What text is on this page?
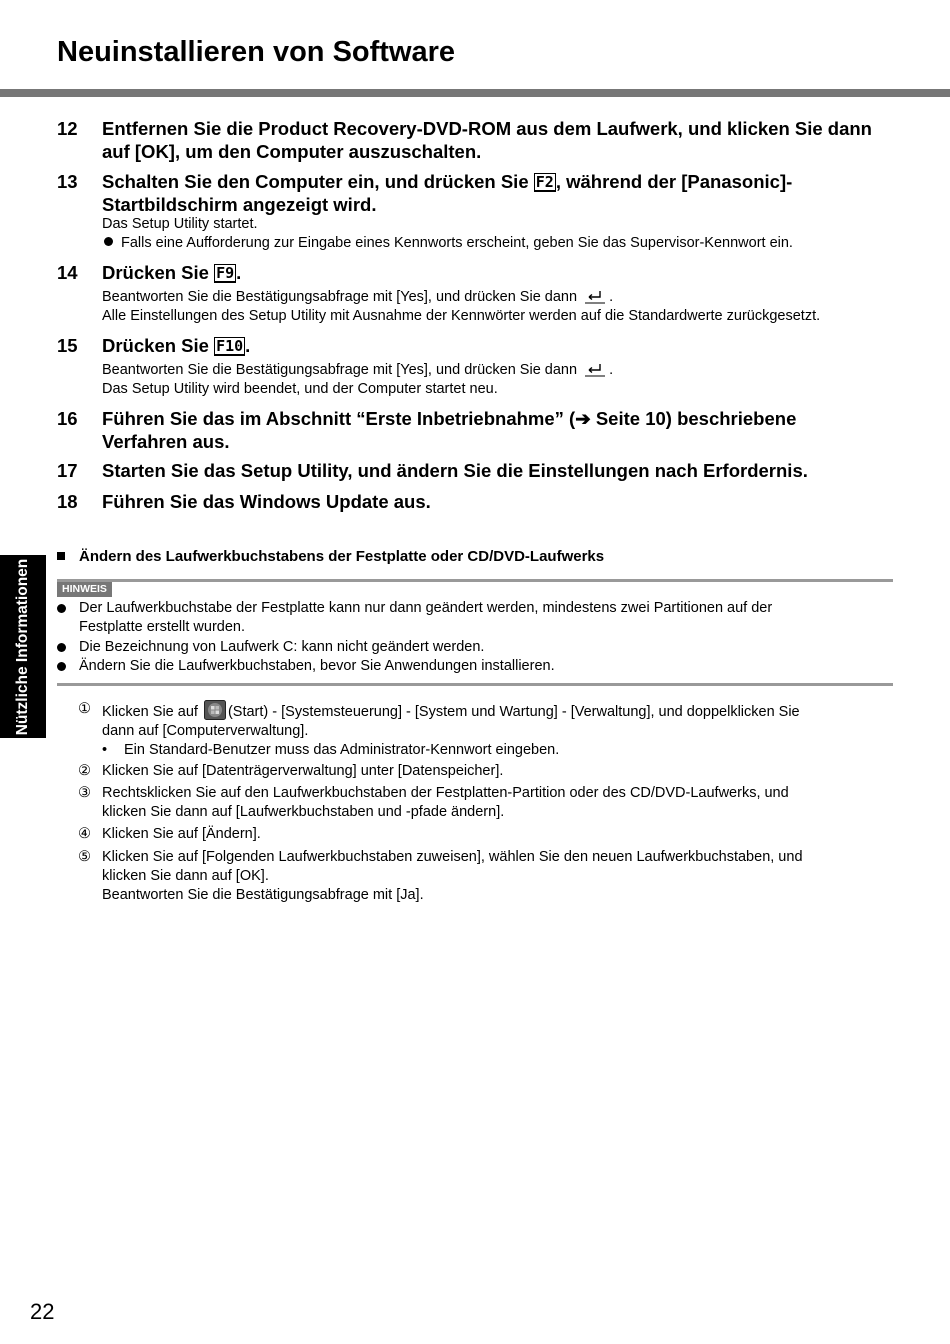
Neuinstallieren von Software
12 Entfernen Sie die Product Recovery-DVD-ROM aus dem Laufwerk, und klicken Sie dann
auf [OK], um den Computer auszuschalten.
13 Schalten Sie den Computer ein, und drücken Sie F2 , während der [Panasonic]-
Startbildschirm angezeigt wird.
Das Setup Utility startet.
Falls eine Aufforderung zur Eingabe eines Kennworts erscheint, geben Sie das Supervisor-Kennwort ein.
14 Drücken Sie F9 .
Beantworten Sie die Bestätigungsabfrage mit [Yes], und drücken Sie dann .
Alle Einstellungen des Setup Utility mit Ausnahme der Kennwörter werden auf die Standardwerte zurückgesetzt.
15 Drücken Sie F10 .
Beantworten Sie die Bestätigungsabfrage mit [Yes], und drücken Sie dann .
Das Setup Utility wird beendet, und der Computer startet neu.
16 Führen Sie das im Abschnitt “Erste Inbetriebnahme” (➔ Seite 10) beschriebene
Verfahren aus.
17 Starten Sie das Setup Utility, und ändern Sie die Einstellungen nach Erfordernis.
18 Führen Sie das Windows Update aus.
Ändern des Laufwerkbuchstabens der Festplatte oder CD/DVD-Laufwerks
HINWEIS
Der Laufwerkbuchstabe der Festplatte kann nur dann geändert werden, mindestens zwei Partitionen auf der
Festplatte erstellt wurden.
Die Bezeichnung von Laufwerk C: kann nicht geändert werden.
Ändern Sie die Laufwerkbuchstaben, bevor Sie Anwendungen installieren.
① Klicken Sie auf (Start) - [Systemsteuerung] - [System und Wartung] - [Verwaltung], und doppelklicken Sie
dann auf [Computerverwaltung].
• Ein Standard-Benutzer muss das Administrator-Kennwort eingeben.
② Klicken Sie auf [Datenträgerverwaltung] unter [Datenspeicher].
③ Rechtsklicken Sie auf den Laufwerkbuchstaben der Festplatten-Partition oder des CD/DVD-Laufwerks, und
klicken Sie dann auf [Laufwerkbuchstaben und -pfade ändern].
④ Klicken Sie auf [Ändern].
⑤ Klicken Sie auf [Folgenden Laufwerkbuchstaben zuweisen], wählen Sie den neuen Laufwerkbuchstaben, und
klicken Sie dann auf [OK].
Beantworten Sie die Bestätigungsabfrage mit [Ja].
Nützliche Informationen
22
